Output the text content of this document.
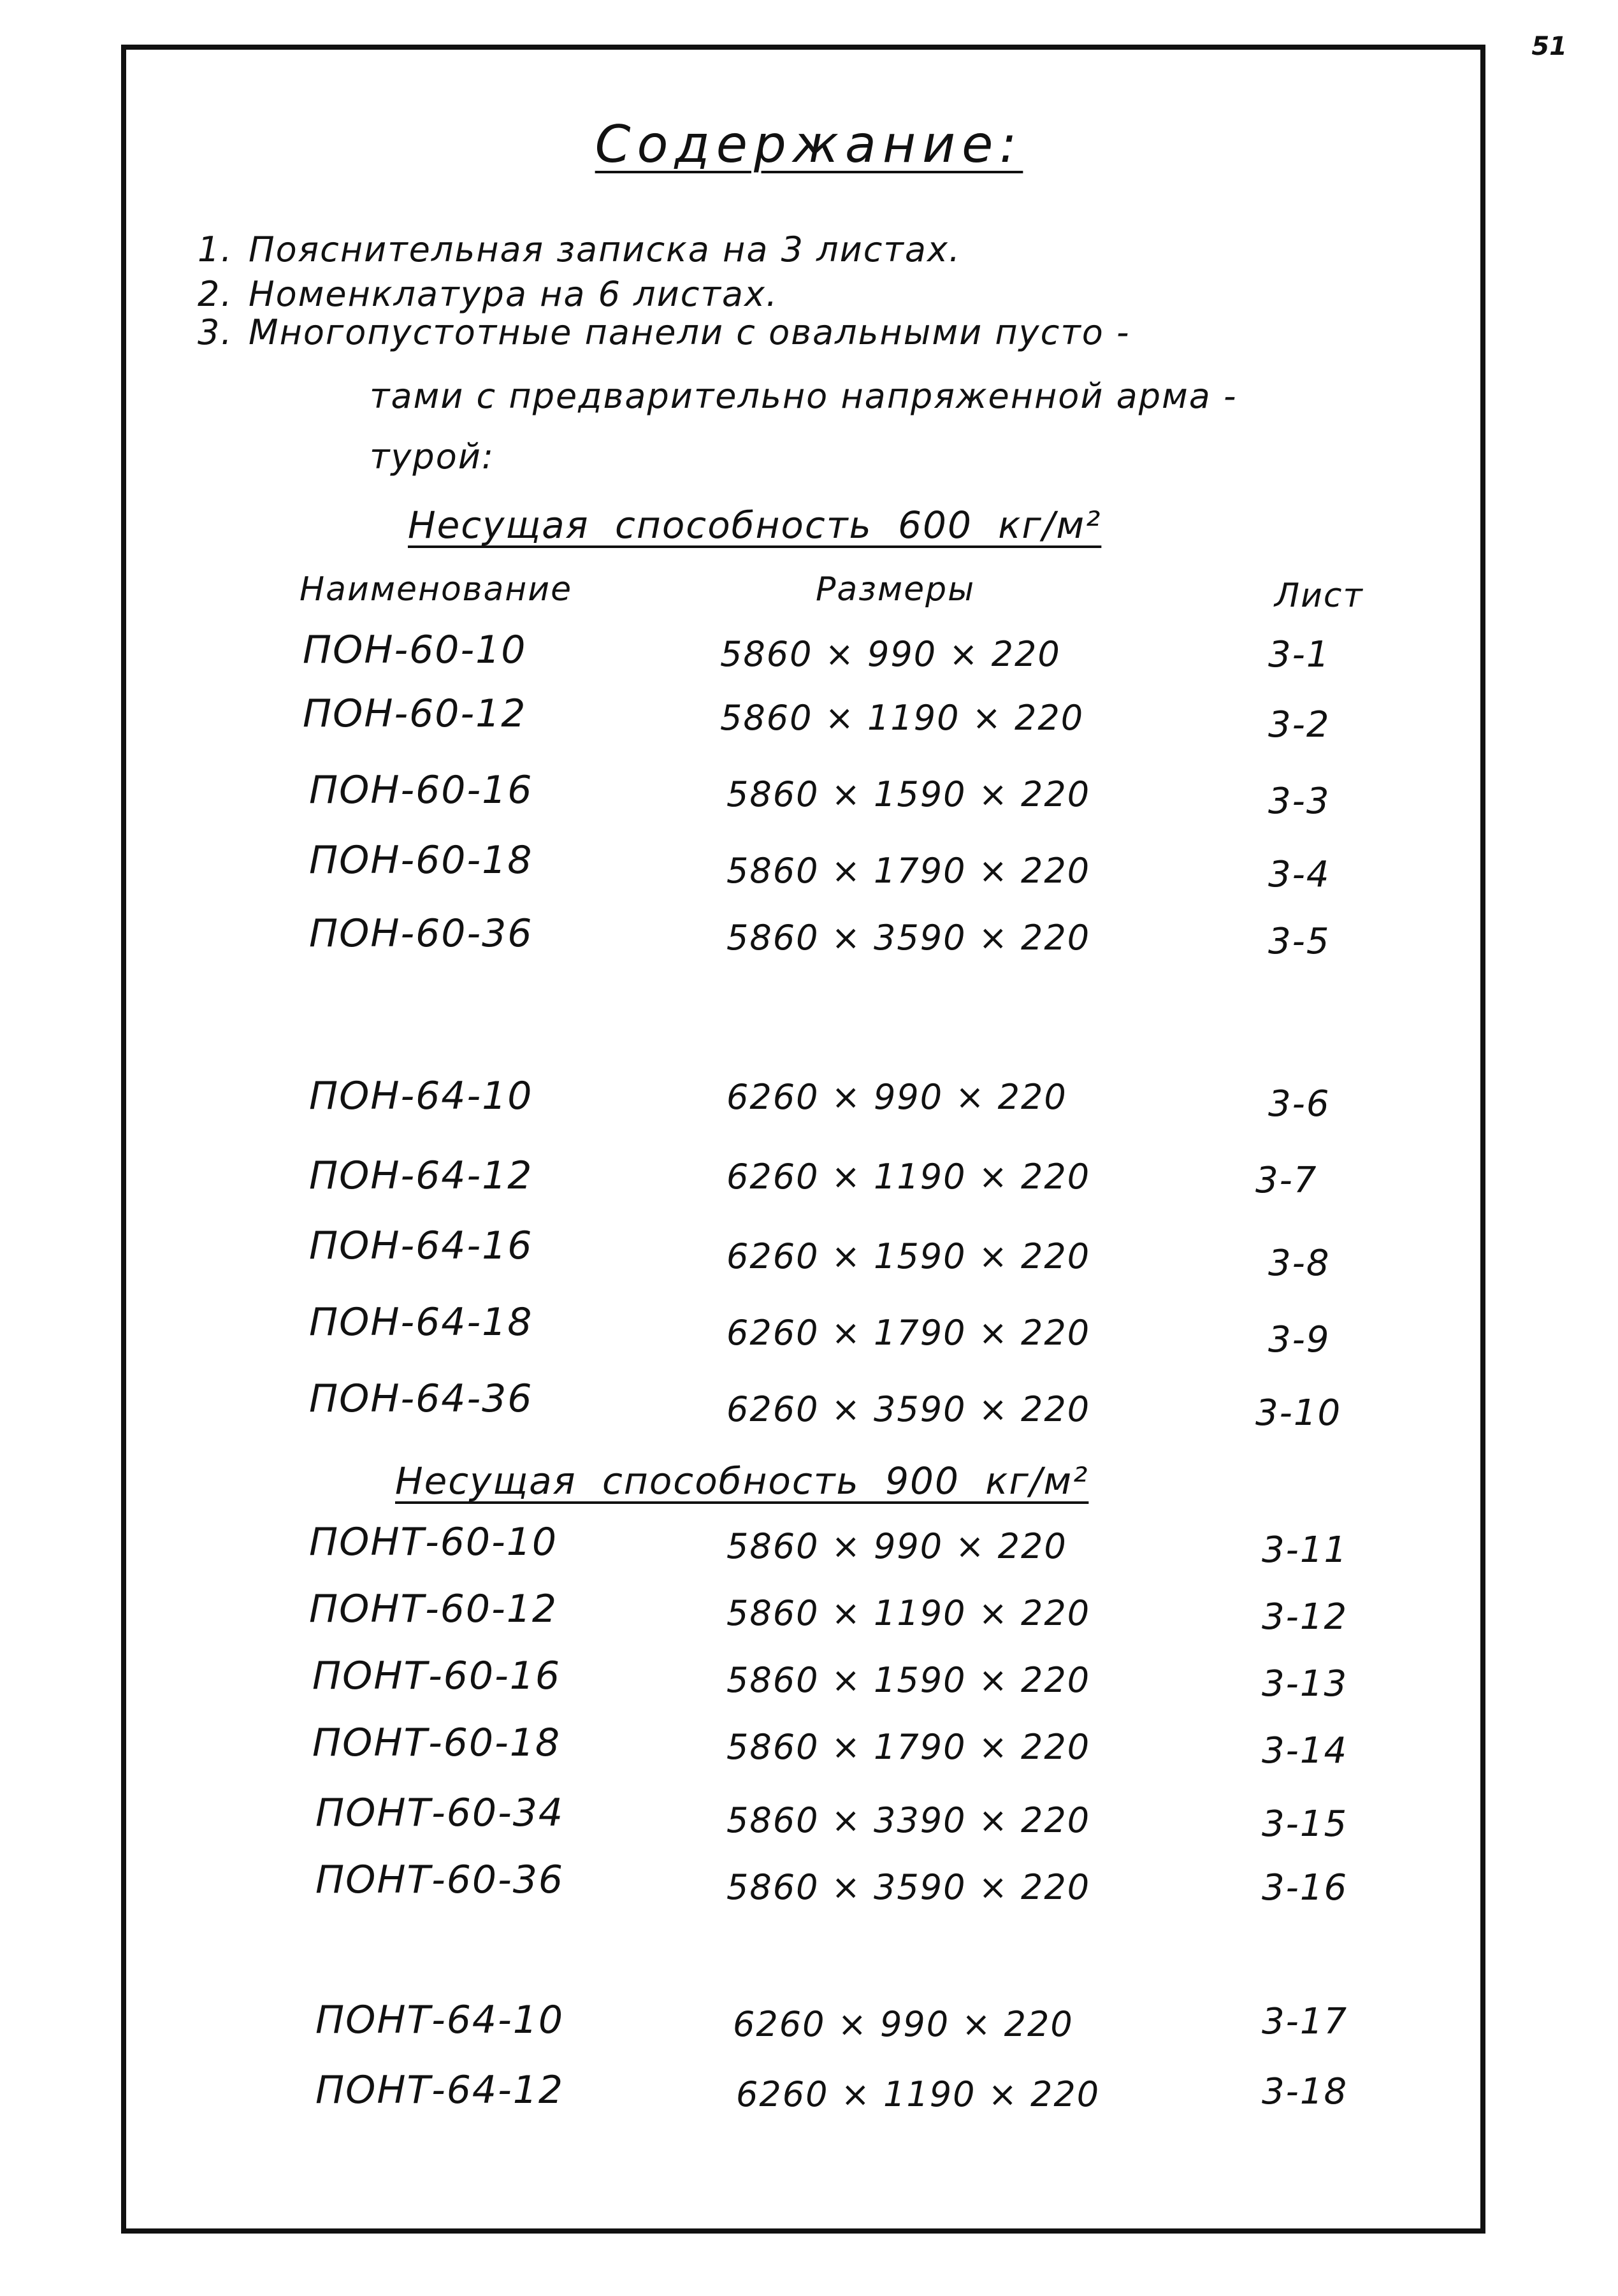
51
Содержание:
1. Пояснительная записка на 3 листах.
2. Номенклатура на 6 листах.
3. Многопустотные панели с овальными пусто -
тами с предварительно напряженной арма -
турой:
Несущая способность 600 кг/м²
Наименование	Размеры	Лист
ПОН-60-10	5860 × 990 × 220	3-1
ПОН-60-12	5860 × 1190 × 220	3-2
ПОН-60-16	5860 × 1590 × 220	3-3
ПОН-60-18	5860 × 1790 × 220	3-4
ПОН-60-36	5860 × 3590 × 220	3-5
ПОН-64-10	6260 × 990 × 220	3-6
ПОН-64-12	6260 × 1190 × 220	3-7
ПОН-64-16	6260 × 1590 × 220	3-8
ПОН-64-18	6260 × 1790 × 220	3-9
ПОН-64-36	6260 × 3590 × 220	3-10
Несущая способность 900 кг/м²
ПОНТ-60-10	5860 × 990 × 220	3-11
ПОНТ-60-12	5860 × 1190 × 220	3-12
ПОНТ-60-16	5860 × 1590 × 220	3-13
ПОНТ-60-18	5860 × 1790 × 220	3-14
ПОНТ-60-34	5860 × 3390 × 220	3-15
ПОНТ-60-36	5860 × 3590 × 220	3-16
ПОНТ-64-10	6260 × 990 × 220	3-17
ПОНТ-64-12	6260 × 1190 × 220	3-18
